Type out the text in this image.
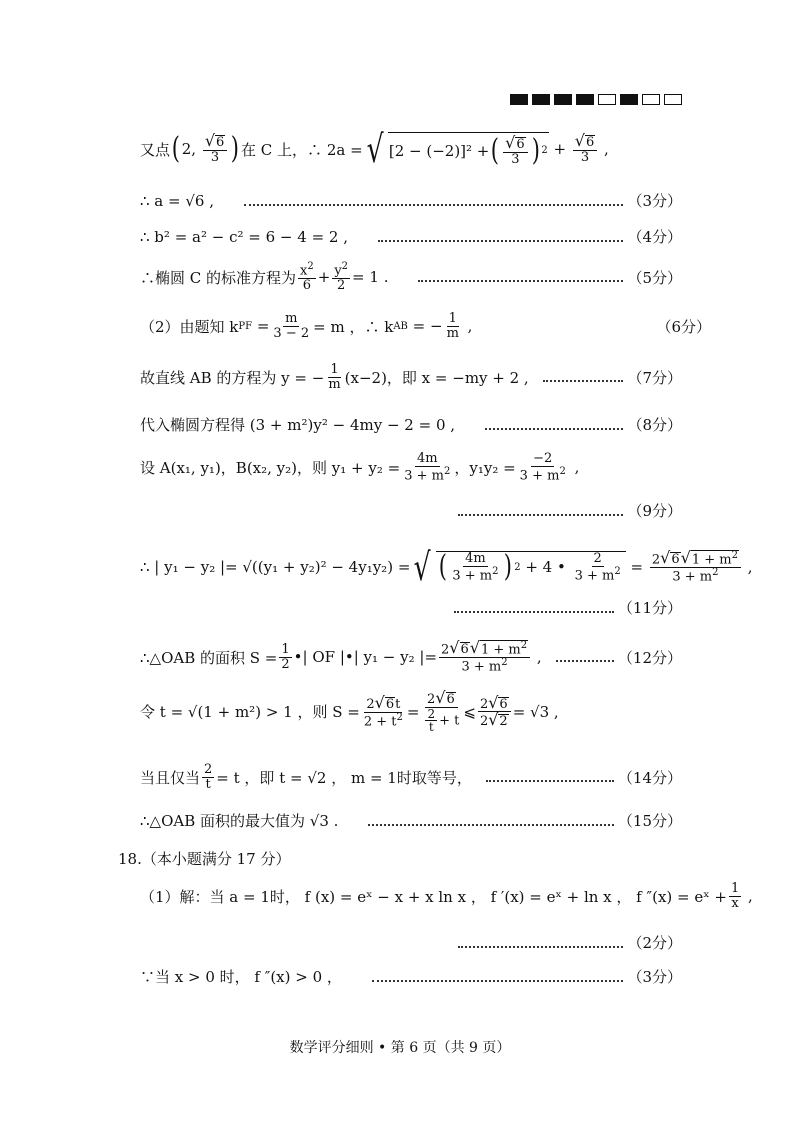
又点 ( 2, $\frac{√6}{3}$ ) 在 C 上，∴ 2a = √ [2 − (−2)]² + ( $\frac{√6}{3}$ ) $2 + \frac{√6}{3}$ ,
∴ a = √6 ,	（3分）
∴ b² = a² − c² = 6 − 4 = 2 ,	（4分）
∴椭圆 C 的标准方程为 $\frac{x^2}{6} + \frac{y^2}{2} = 1$ .	（5分）
（2）由题知 k PF = $\frac{m}{3 - 2} = m$ ，∴ k AB = − $\frac{1}{m}$ ,	（6分）
故直线 AB 的方程为 y = − $\frac{1}{m} (x-2)$，即 x = −my + 2 ,	（7分）
代入椭圆方程得 (3 + m²)y² − 4my − 2 = 0 ,	（8分）
设 A(x₁, y₁)，B(x₂, y₂)，则 $y_1 + y_2 = \frac{4m}{3 + m^2}$ ，$y_1y_2 = \frac{-2}{3 + m^2}$ ,
（9分）
∴ | y₁ − y₂ |= √((y₁ + y₂)² − 4y₁y₂) = √ ( $\frac{4m}{3 + m^2}$ ) 2 + 4 • $\frac{2}{3 + m^2} = \frac{2√6√1 + m^2}{3 + m^2}$ ,
（11分）
∴△OAB 的面积 $S = \frac{1}{2}$ •| OF |•| y₁ − y₂ |= $\frac{2√6√1 + m^2}{3 + m^2}$ ,	（12分）
令 t = √(1 + m²) > 1 ，则 $S = \frac{2√6t}{2 + t^2} = \frac{2√6}{\frac{2}{t} + t}$ ⩽ $\frac{2√6}{2√2} = √3$ ,
当且仅当 $\frac{2}{t} = t$ ，即 t = √2 ， m = 1时取等号，	（14分）
∴△OAB 面积的最大值为 √3 .	（15分）
18.（本小题满分 17 分）
（1）解：当 a = 1时， f (x) = eˣ − x + x ln x ， f ′(x) = eˣ + ln x ， f ″(x) = eˣ + $\frac{1}{x}$ ,
（2分）
∵当 x > 0 时， f ″(x) > 0 ，	（3分）
数学评分细则 • 第 6 页（共 9 页）
